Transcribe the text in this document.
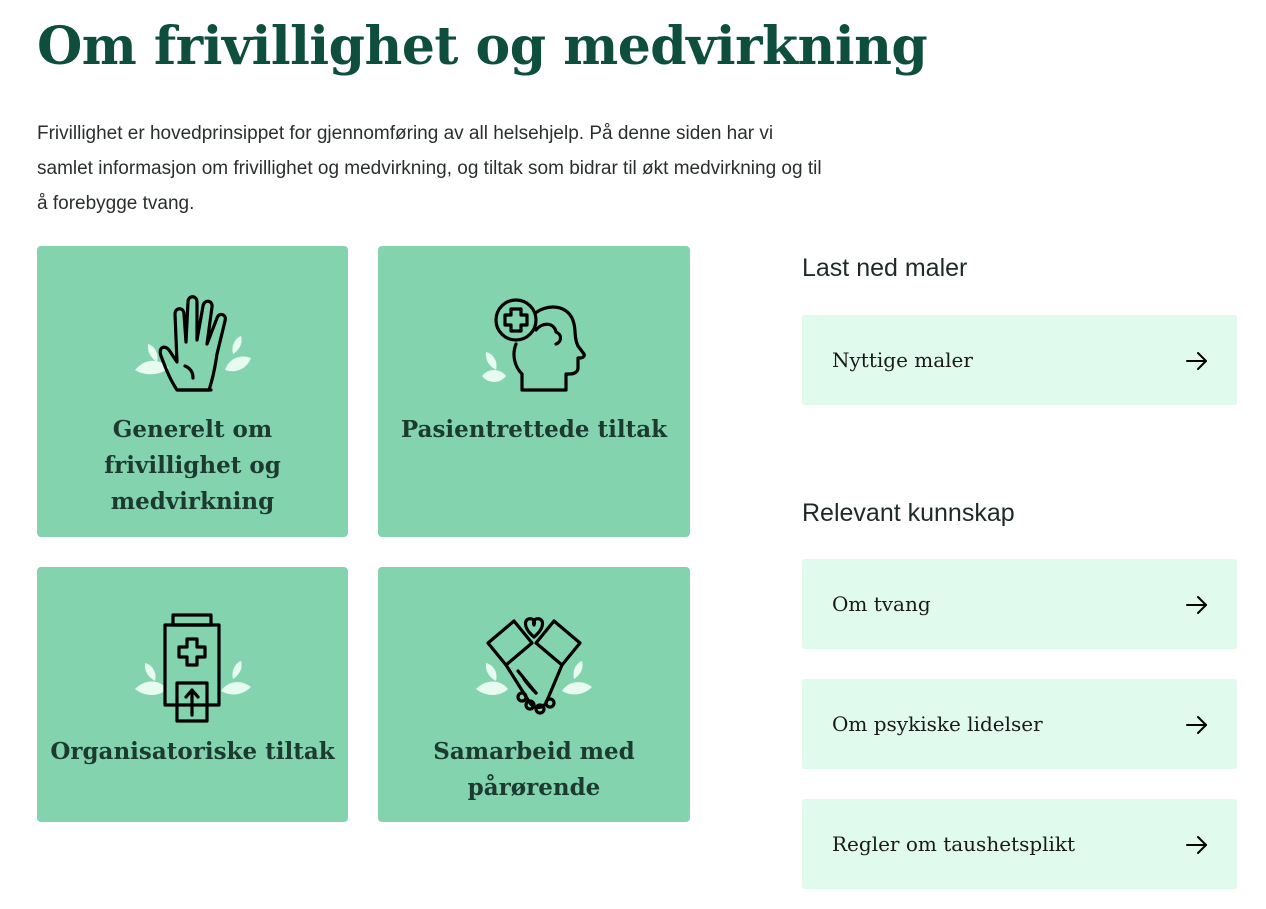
Om frivillighet og medvirkning

Frivillighet er hovedprinsippet for gjennomføring av all helsehjelp. På denne siden har vi samlet informasjon om frivillighet og medvirkning, og tiltak som bidrar til økt medvirkning og til å forebygge tvang.

Generelt om frivillighet og medvirkning
Pasientrettede tiltak
Organisatoriske tiltak	Samarbeid med pårørende
Last ned maler
Nyttige maler
Relevant kunnskap
Om tvang
Om psykiske lidelser
Regler om taushetsplikt
